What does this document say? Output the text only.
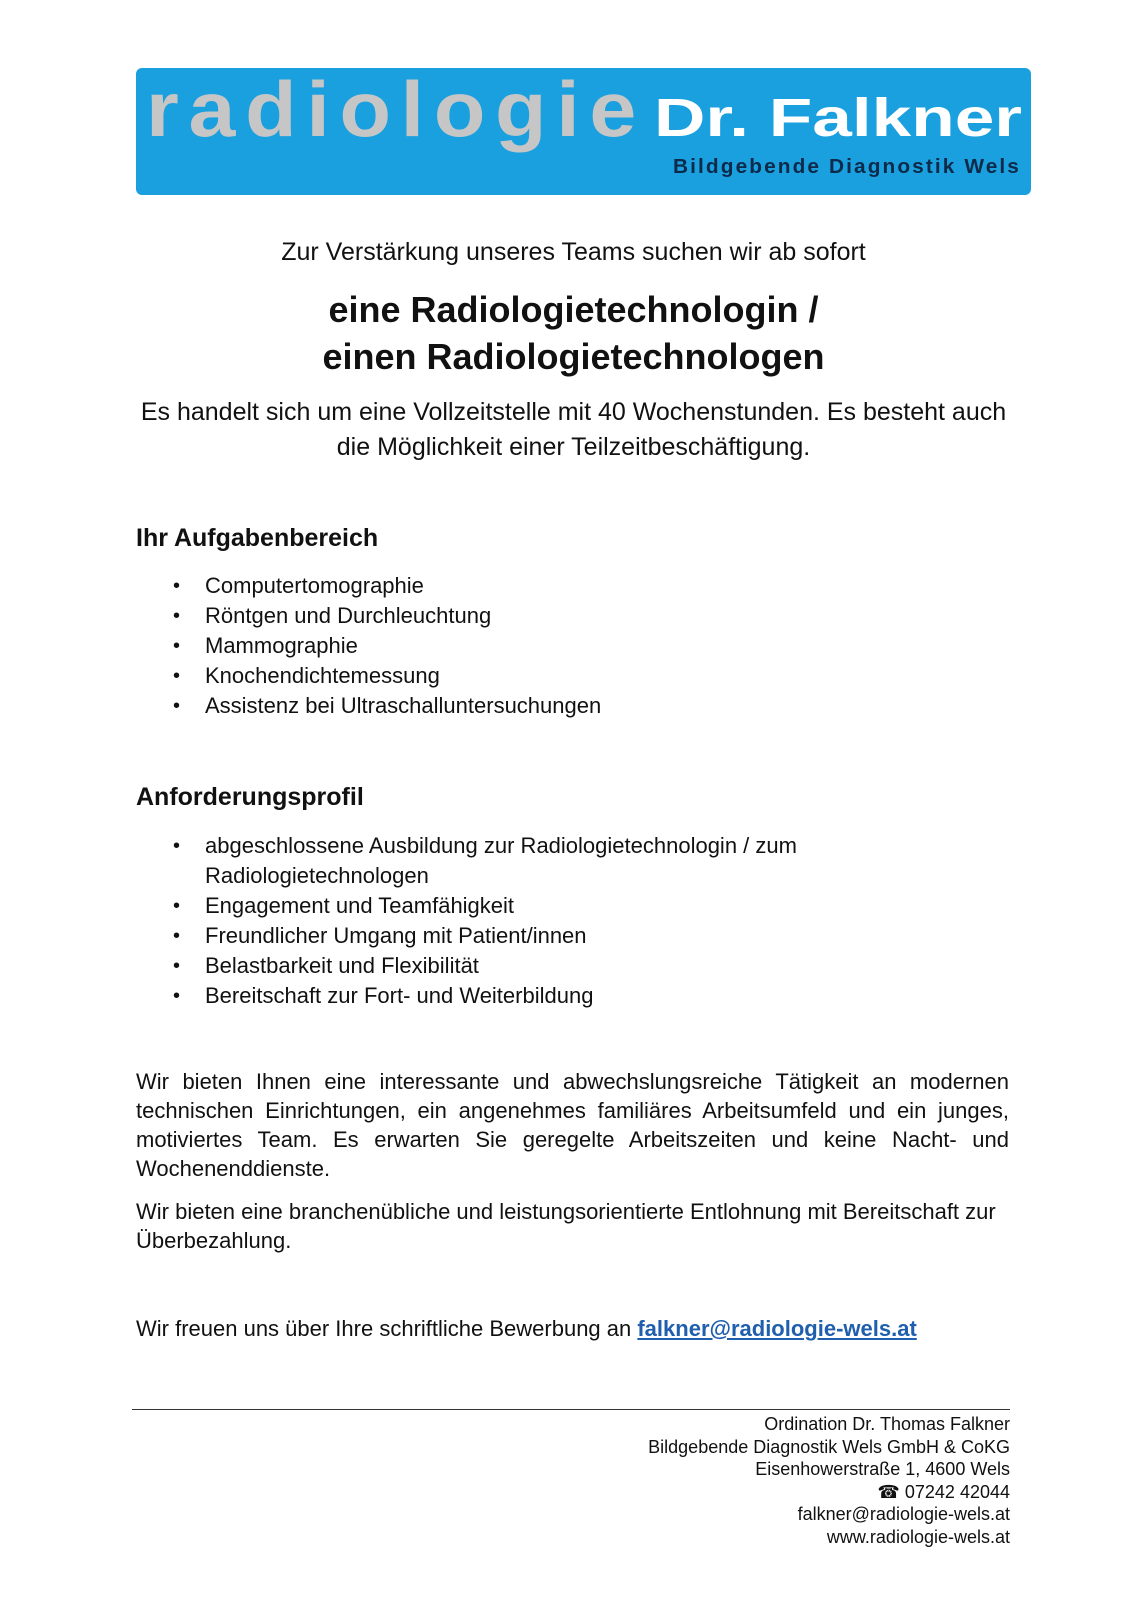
radiologie Dr. Falkner
Bildgebende Diagnostik Wels
Zur Verstärkung unseres Teams suchen wir ab sofort
eine Radiologietechnologin /
einen Radiologietechnologen
Es handelt sich um eine Vollzeitstelle mit 40 Wochenstunden. Es besteht auch die Möglichkeit einer Teilzeitbeschäftigung.
Ihr Aufgabenbereich
• Computertomographie
• Röntgen und Durchleuchtung
• Mammographie
• Knochendichtemessung
• Assistenz bei Ultraschalluntersuchungen
Anforderungsprofil
• abgeschlossene Ausbildung zur Radiologietechnologin / zum Radiologietechnologen
• Engagement und Teamfähigkeit
• Freundlicher Umgang mit Patient/innen
• Belastbarkeit und Flexibilität
• Bereitschaft zur Fort- und Weiterbildung

Wir bieten Ihnen eine interessante und abwechslungsreiche Tätigkeit an modernen technischen Einrichtungen, ein angenehmes familiäres Arbeitsumfeld und ein junges, motiviertes Team. Es erwarten Sie geregelte Arbeitszeiten und keine Nacht- und Wochenenddienste.

Wir bieten eine branchenübliche und leistungsorientierte Entlohnung mit Bereitschaft zur Überbezahlung.

Wir freuen uns über Ihre schriftliche Bewerbung an falkner@radiologie-wels.at
Ordination Dr. Thomas Falkner
Bildgebende Diagnostik Wels GmbH & CoKG
Eisenhowerstraße 1, 4600 Wels
☎ 07242 42044
falkner@radiologie-wels.at
www.radiologie-wels.at
